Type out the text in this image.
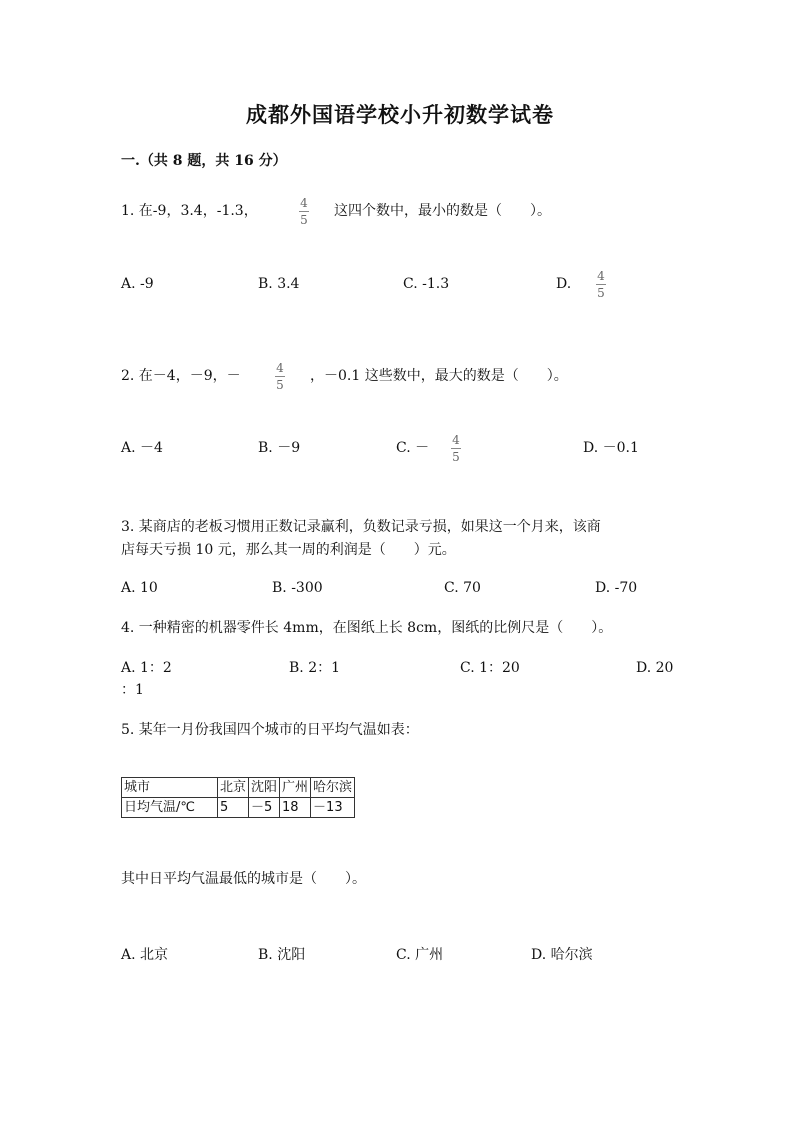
成都外国语学校小升初数学试卷
一.（共 8 题，共 16 分）
1. 在-9，3.4，-1.3，	4
5
这四个数中，最小的数是（　　）。
A. -9	B. 3.4	C. -1.3	D. 4
5
2. 在－4，－9，－	4
5
，－0.1 这些数中，最大的数是（　　）。
A. －4	B. －9	C. － 4
5
D. －0.1
3. 某商店的老板习惯用正数记录赢利，负数记录亏损，如果这一个月来，该商
店每天亏损 10 元，那么其一周的利润是（　　）元。
A. 10	B. -300	C. 70	D. -70
4. 一种精密的机器零件长 4mm，在图纸上长 8cm，图纸的比例尺是（　　）。
A. 1：2	B. 2：1	C. 1：20	D. 20
：1
5. 某年一月份我国四个城市的日平均气温如表：
城市	北京	沈阳	广州	哈尔滨
日均气温/℃	5	－5	18	－13
其中日平均气温最低的城市是（　　）。
A. 北京	B. 沈阳	C. 广州	D. 哈尔滨
